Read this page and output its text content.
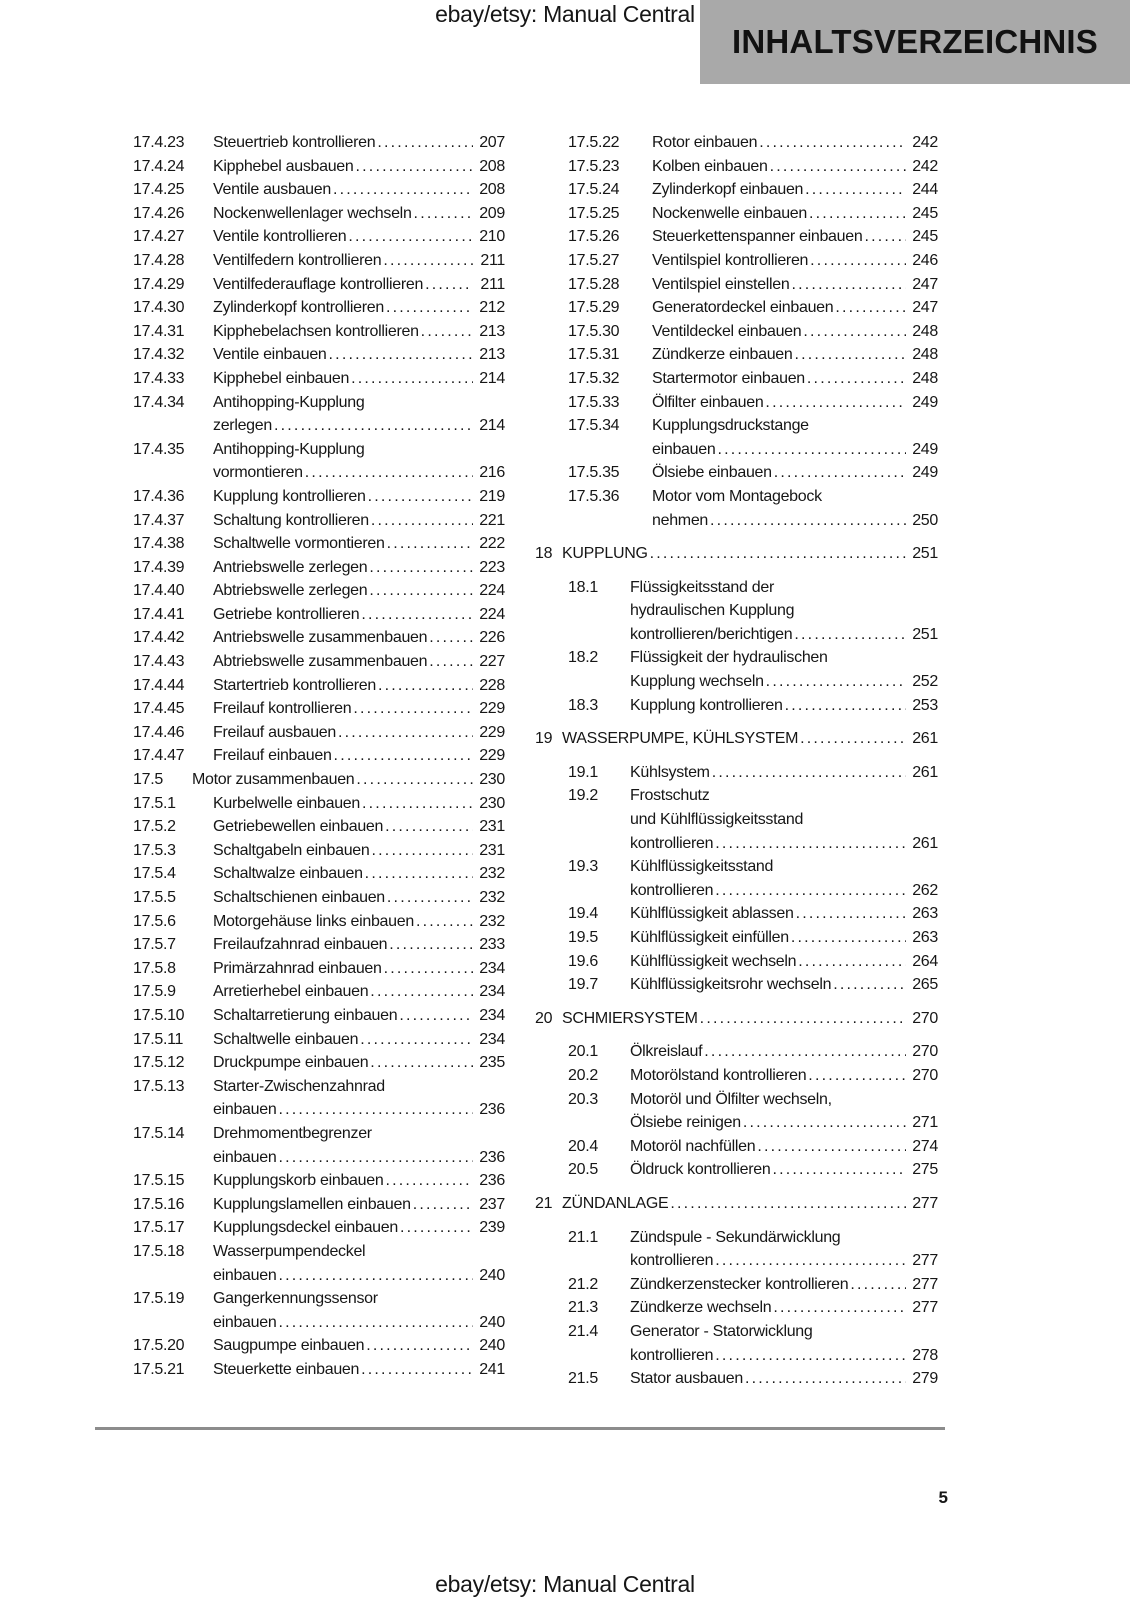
ebay/etsy: Manual Central
INHALTSVERZEICHNIS
17.4.23	Steuertrieb kontrollieren .....	207
17.4.24	Kipphebel ausbauen .....	208
17.4.25	Ventile ausbauen .....	208
17.4.26	Nockenwellenlager wechseln .....	209
17.4.27	Ventile kontrollieren .....	210
17.4.28	Ventilfedern kontrollieren .....	211
17.4.29	Ventilfederauflage kontrollieren .....	211
17.4.30	Zylinderkopf kontrollieren .....	212
17.4.31	Kipphebelachsen kontrollieren .....	213
17.4.32	Ventile einbauen .....	213
17.4.33	Kipphebel einbauen .....	214
17.4.34	Antihopping-Kupplung
zerlegen .....	214
17.4.35	Antihopping-Kupplung
vormontieren .....	216
17.4.36	Kupplung kontrollieren .....	219
17.4.37	Schaltung kontrollieren .....	221
17.4.38	Schaltwelle vormontieren .....	222
17.4.39	Antriebswelle zerlegen .....	223
17.4.40	Abtriebswelle zerlegen .....	224
17.4.41	Getriebe kontrollieren .....	224
17.4.42	Antriebswelle zusammenbauen .....	226
17.4.43	Abtriebswelle zusammenbauen .....	227
17.4.44	Startertrieb kontrollieren .....	228
17.4.45	Freilauf kontrollieren .....	229
17.4.46	Freilauf ausbauen .....	229
17.4.47	Freilauf einbauen .....	229
17.5	Motor zusammenbauen .....	230
17.5.1	Kurbelwelle einbauen .....	230
17.5.2	Getriebewellen einbauen .....	231
17.5.3	Schaltgabeln einbauen .....	231
17.5.4	Schaltwalze einbauen .....	232
17.5.5	Schaltschienen einbauen .....	232
17.5.6	Motorgehäuse links einbauen .....	232
17.5.7	Freilaufzahnrad einbauen .....	233
17.5.8	Primärzahnrad einbauen .....	234
17.5.9	Arretierhebel einbauen .....	234
17.5.10	Schaltarretierung einbauen .....	234
17.5.11	Schaltwelle einbauen .....	234
17.5.12	Druckpumpe einbauen .....	235
17.5.13	Starter-Zwischenzahnrad
einbauen .....	236
17.5.14	Drehmomentbegrenzer
einbauen .....	236
17.5.15	Kupplungskorb einbauen .....	236
17.5.16	Kupplungslamellen einbauen .....	237
17.5.17	Kupplungsdeckel einbauen .....	239
17.5.18	Wasserpumpendeckel
einbauen .....	240
17.5.19	Gangerkennungssensor
einbauen .....	240
17.5.20	Saugpumpe einbauen .....	240
17.5.21	Steuerkette einbauen .....	241
17.5.22	Rotor einbauen .....	242
17.5.23	Kolben einbauen .....	242
17.5.24	Zylinderkopf einbauen .....	244
17.5.25	Nockenwelle einbauen .....	245
17.5.26	Steuerkettenspanner einbauen .....	245
17.5.27	Ventilspiel kontrollieren .....	246
17.5.28	Ventilspiel einstellen .....	247
17.5.29	Generatordeckel einbauen .....	247
17.5.30	Ventildeckel einbauen .....	248
17.5.31	Zündkerze einbauen .....	248
17.5.32	Startermotor einbauen .....	248
17.5.33	Ölfilter einbauen .....	249
17.5.34	Kupplungsdruckstange
einbauen .....	249
17.5.35	Ölsiebe einbauen .....	249
17.5.36	Motor vom Montagebock
nehmen .....	250
18 KUPPLUNG .....	251
18.1	Flüssigkeitsstand der
hydraulischen Kupplung
kontrollieren/berichtigen .....	251
18.2	Flüssigkeit der hydraulischen
Kupplung wechseln .....	252
18.3	Kupplung kontrollieren .....	253
19 WASSERPUMPE, KÜHLSYSTEM .....	261
19.1	Kühlsystem .....	261
19.2	Frostschutz
und Kühlflüssigkeitsstand
kontrollieren .....	261
19.3	Kühlflüssigkeitsstand
kontrollieren .....	262
19.4	Kühlflüssigkeit ablassen .....	263
19.5	Kühlflüssigkeit einfüllen .....	263
19.6	Kühlflüssigkeit wechseln .....	264
19.7	Kühlflüssigkeitsrohr wechseln .....	265
20 SCHMIERSYSTEM .....	270
20.1	Ölkreislauf .....	270
20.2	Motorölstand kontrollieren .....	270
20.3	Motoröl und Ölfilter wechseln,
Ölsiebe reinigen .....	271
20.4	Motoröl nachfüllen .....	274
20.5	Öldruck kontrollieren .....	275
21 ZÜNDANLAGE .....	277
21.1	Zündspule - Sekundärwicklung
kontrollieren .....	277
21.2	Zündkerzenstecker kontrollieren .....	277
21.3	Zündkerze wechseln .....	277
21.4	Generator - Statorwicklung
kontrollieren .....	278
21.5	Stator ausbauen .....	279
5
ebay/etsy: Manual Central
